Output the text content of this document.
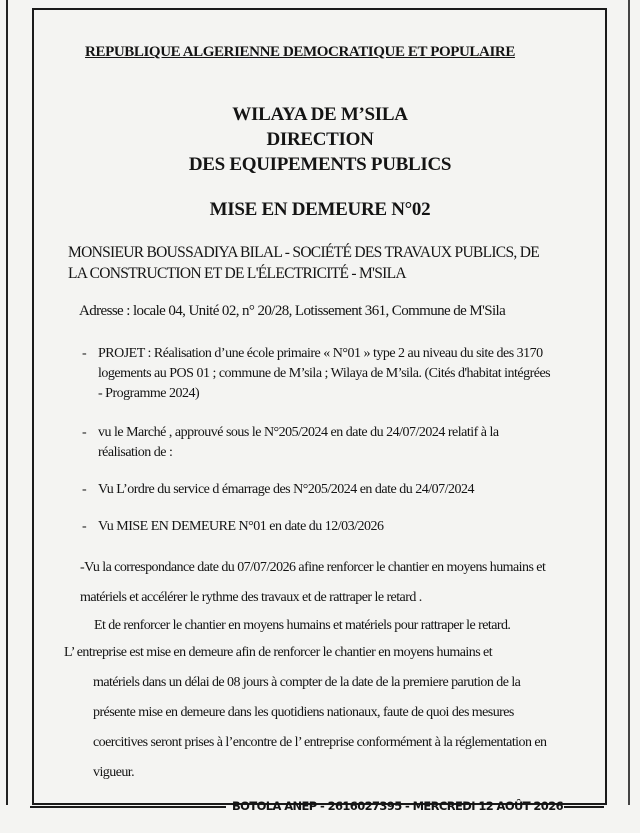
REPUBLIQUE ALGERIENNE DEMOCRATIQUE ET POPULAIRE
WILAYA DE M’SILA
DIRECTION
DES EQUIPEMENTS PUBLICS
MISE EN DEMEURE N°02
MONSIEUR BOUSSADIYA BILAL - SOCIÉTÉ DES TRAVAUX PUBLICS, DE LA CONSTRUCTION ET DE L'ÉLECTRICITÉ - M'SILA
Adresse : locale 04, Unité 02, n° 20/28, Lotissement 361, Commune de M'Sila
- PROJET : Réalisation d’une école primaire « N°01 » type 2 au niveau du site des 3170 logements au POS 01 ; commune de M’sila ; Wilaya de M’sila. (Cités d'habitat intégrées - Programme 2024)
- vu le Marché , approuvé sous le N°205/2024 en date du 24/07/2024 relatif à la réalisation de :
- Vu L’ordre du service d émarrage des N°205/2024 en date du 24/07/2024
- Vu MISE EN DEMEURE N°01 en date du 12/03/2026
-Vu la correspondance date du 07/07/2026 afine renforcer le chantier en moyens humains et matériels et accélérer le rythme des travaux et de rattraper le retard .
Et de renforcer le chantier en moyens humains et matériels pour rattraper le retard.
L’ entreprise est mise en demeure afin de renforcer le chantier en moyens humains et
matériels dans un délai de 08 jours à compter de la date de la premiere parution de la présente mise en demeure dans les quotidiens nationaux, faute de quoi des mesures coercitives seront prises à l’encontre de l’ entreprise conformément à la réglementation en vigueur.
BOTOLA ANEP - 2616027395 - MERCREDI 12 AOÛT 2026
